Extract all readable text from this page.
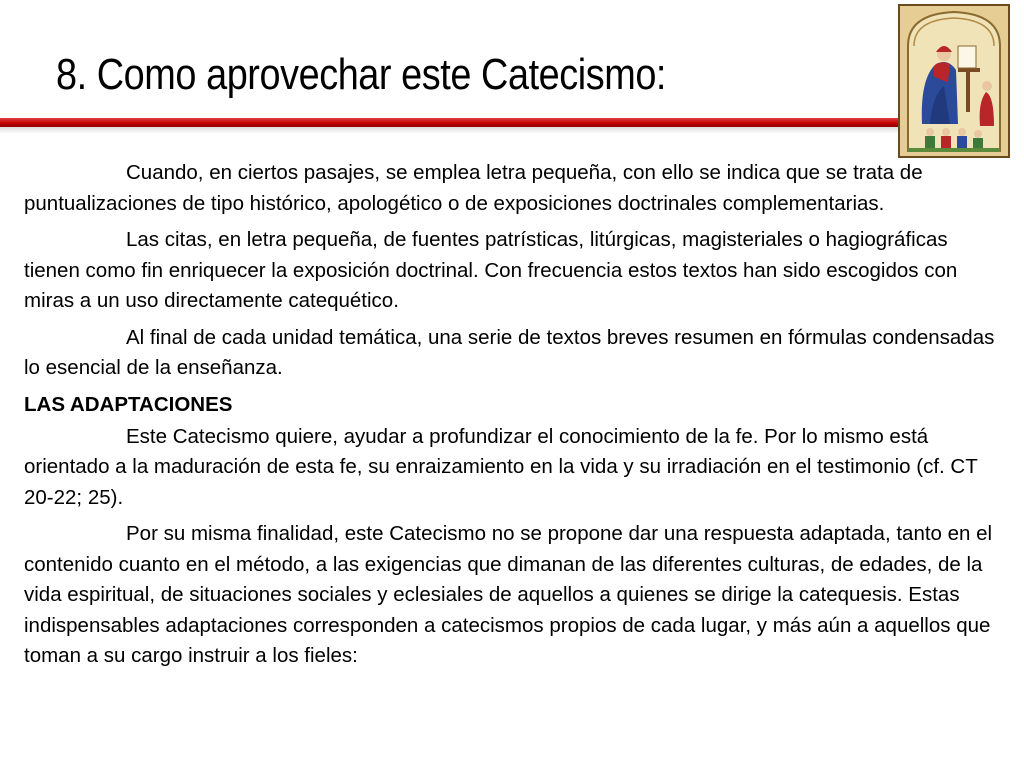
8. Como aprovechar este Catecismo:

Cuando, en ciertos pasajes, se emplea letra pequeña, con ello se indica que se trata de puntualizaciones de tipo histórico, apologético o de exposiciones doctrinales complementarias.

Las citas, en letra pequeña, de fuentes patrísticas, litúrgicas, magisteriales o hagiográficas tienen como fin enriquecer la exposición doctrinal. Con frecuencia estos textos han sido escogidos con miras a un uso directamente catequético.

Al final de cada unidad temática, una serie de textos breves resumen en fórmulas condensadas lo esencial de la enseñanza.

LAS ADAPTACIONES

Este Catecismo quiere, ayudar a profundizar el conocimiento de la fe. Por lo mismo está orientado a la maduración de esta fe, su enraizamiento en la vida y su irradiación en el testimonio (cf. CT 20-22; 25).

Por su misma finalidad, este Catecismo no se propone dar una respuesta adaptada, tanto en el contenido cuanto en el método, a las exigencias que dimanan de las diferentes culturas, de edades, de la vida espiritual, de situaciones sociales y eclesiales de aquellos a quienes se dirige la catequesis. Estas indispensables adaptaciones corresponden a catecismos propios de cada lugar, y más aún a aquellos que toman a su cargo instruir a los fieles:
